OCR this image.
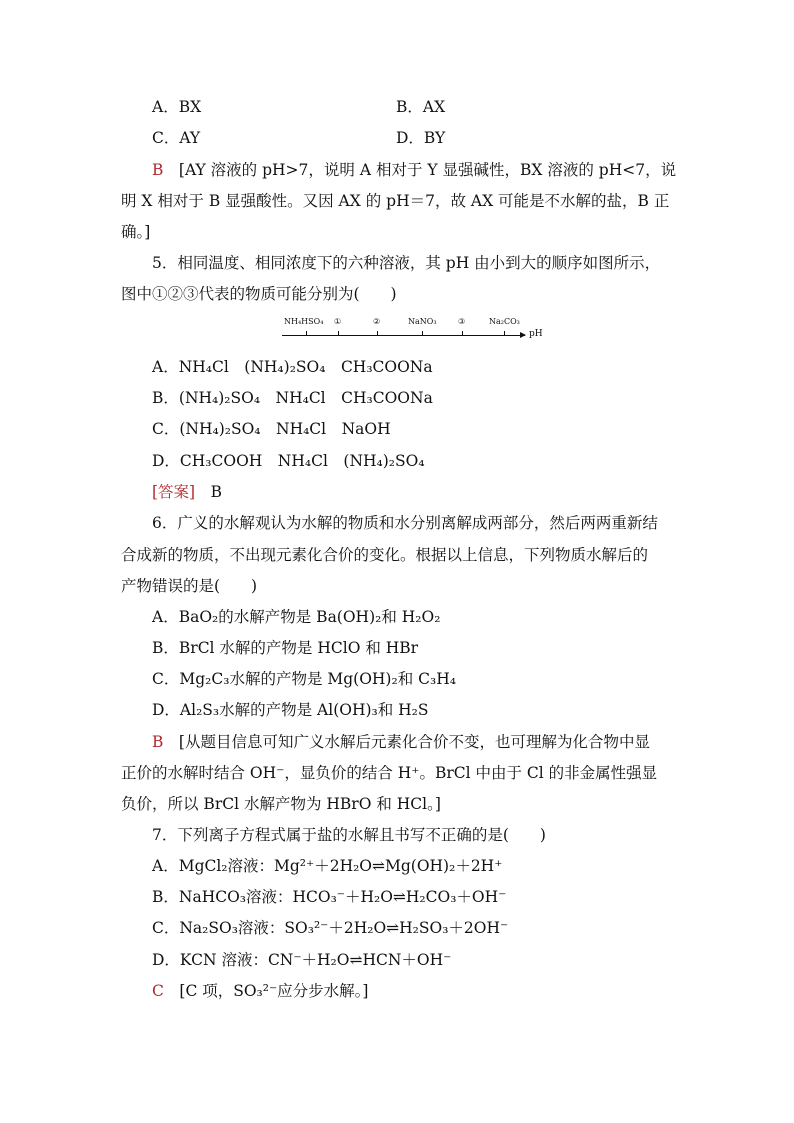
A．BX	B．AX
C．AY	D．BY
B　 [AY 溶液的 pH>7，说明 A 相对于 Y 显强碱性，BX 溶液的 pH<7，说
明 X 相对于 B 显强酸性。又因 AX 的 pH＝7，故 AX 可能是不水解的盐，B 正
确。]
5．相同温度、相同浓度下的六种溶液，其 pH 由小到大的顺序如图所示，
图中①②③代表的物质可能分别为(　　)
NH₄HSO₄ ①	②	NaNO₃	③	Na₂CO₃
pH
A．NH₄Cl　(NH₄)₂SO₄　CH₃COONa
B．(NH₄)₂SO₄　NH₄Cl　CH₃COONa
C．(NH₄)₂SO₄　NH₄Cl　NaOH
D．CH₃COOH　NH₄Cl　(NH₄)₂SO₄
[答案]　 B
6．广义的水解观认为水解的物质和水分别离解成两部分，然后两两重新结
合成新的物质，不出现元素化合价的变化。根据以上信息，下列物质水解后的
产物错误的是(　　)
A．BaO₂的水解产物是 Ba(OH)₂和 H₂O₂
B．BrCl 水解的产物是 HClO 和 HBr
C．Mg₂C₃水解的产物是 Mg(OH)₂和 C₃H₄
D．Al₂S₃水解的产物是 Al(OH)₃和 H₂S
B　 [从题目信息可知广义水解后元素化合价不变，也可理解为化合物中显
正价的水解时结合 OH⁻，显负价的结合 H⁺。BrCl 中由于 Cl 的非金属性强显
负价，所以 BrCl 水解产物为 HBrO 和 HCl。]
7．下列离子方程式属于盐的水解且书写不正确的是(　　)
A．MgCl₂溶液：Mg²⁺＋2H₂O⇌Mg(OH)₂＋2H⁺
B．NaHCO₃溶液：HCO₃⁻＋H₂O⇌H₂CO₃＋OH⁻
C．Na₂SO₃溶液：SO₃²⁻＋2H₂O⇌H₂SO₃＋2OH⁻
D．KCN 溶液：CN⁻＋H₂O⇌HCN＋OH⁻
C　 [C 项，SO₃²⁻应分步水解。]
